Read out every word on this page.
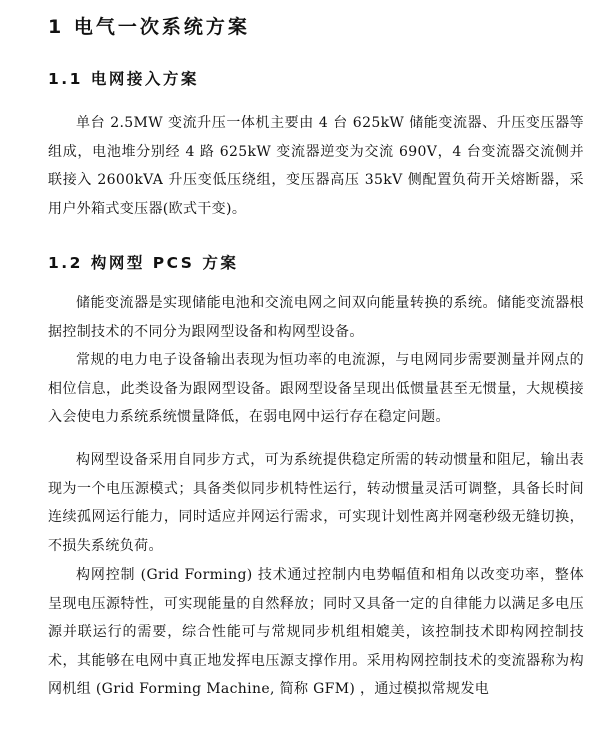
1 电气一次系统方案
1.1 电网接入方案

单台 2.5MW 变流升压一体机主要由 4 台 625kW 储能变流器、升压变压器等组成，电池堆分别经 4 路 625kW 变流器逆变为交流 690V，4 台变流器交流侧并联接入 2600kVA 升压变低压绕组，变压器高压 35kV 侧配置负荷开关熔断器，采用户外箱式变压器(欧式干变)。

1.2 构网型 PCS 方案

储能变流器是实现储能电池和交流电网之间双向能量转换的系统。储能变流器根据控制技术的不同分为跟网型设备和构网型设备。

常规的电力电子设备输出表现为恒功率的电流源，与电网同步需要测量并网点的相位信息，此类设备为跟网型设备。跟网型设备呈现出低惯量甚至无惯量，大规模接入会使电力系统系统惯量降低，在弱电网中运行存在稳定问题。

构网型设备采用自同步方式，可为系统提供稳定所需的转动惯量和阻尼，输出表现为一个电压源模式；具备类似同步机特性运行，转动惯量灵活可调整，具备长时间连续孤网运行能力，同时适应并网运行需求，可实现计划性离并网毫秒级无缝切换，不损失系统负荷。

构网控制 (Grid Forming) 技术通过控制内电势幅值和相角以改变功率，整体呈现电压源特性，可实现能量的自然释放；同时又具备一定的自律能力以满足多电压源并联运行的需要，综合性能可与常规同步机组相媲美，该控制技术即构网控制技术，其能够在电网中真正地发挥电压源支撑作用。采用构网控制技术的变流器称为构网机组 (Grid Forming Machine, 简称 GFM) ，通过模拟常规发电
